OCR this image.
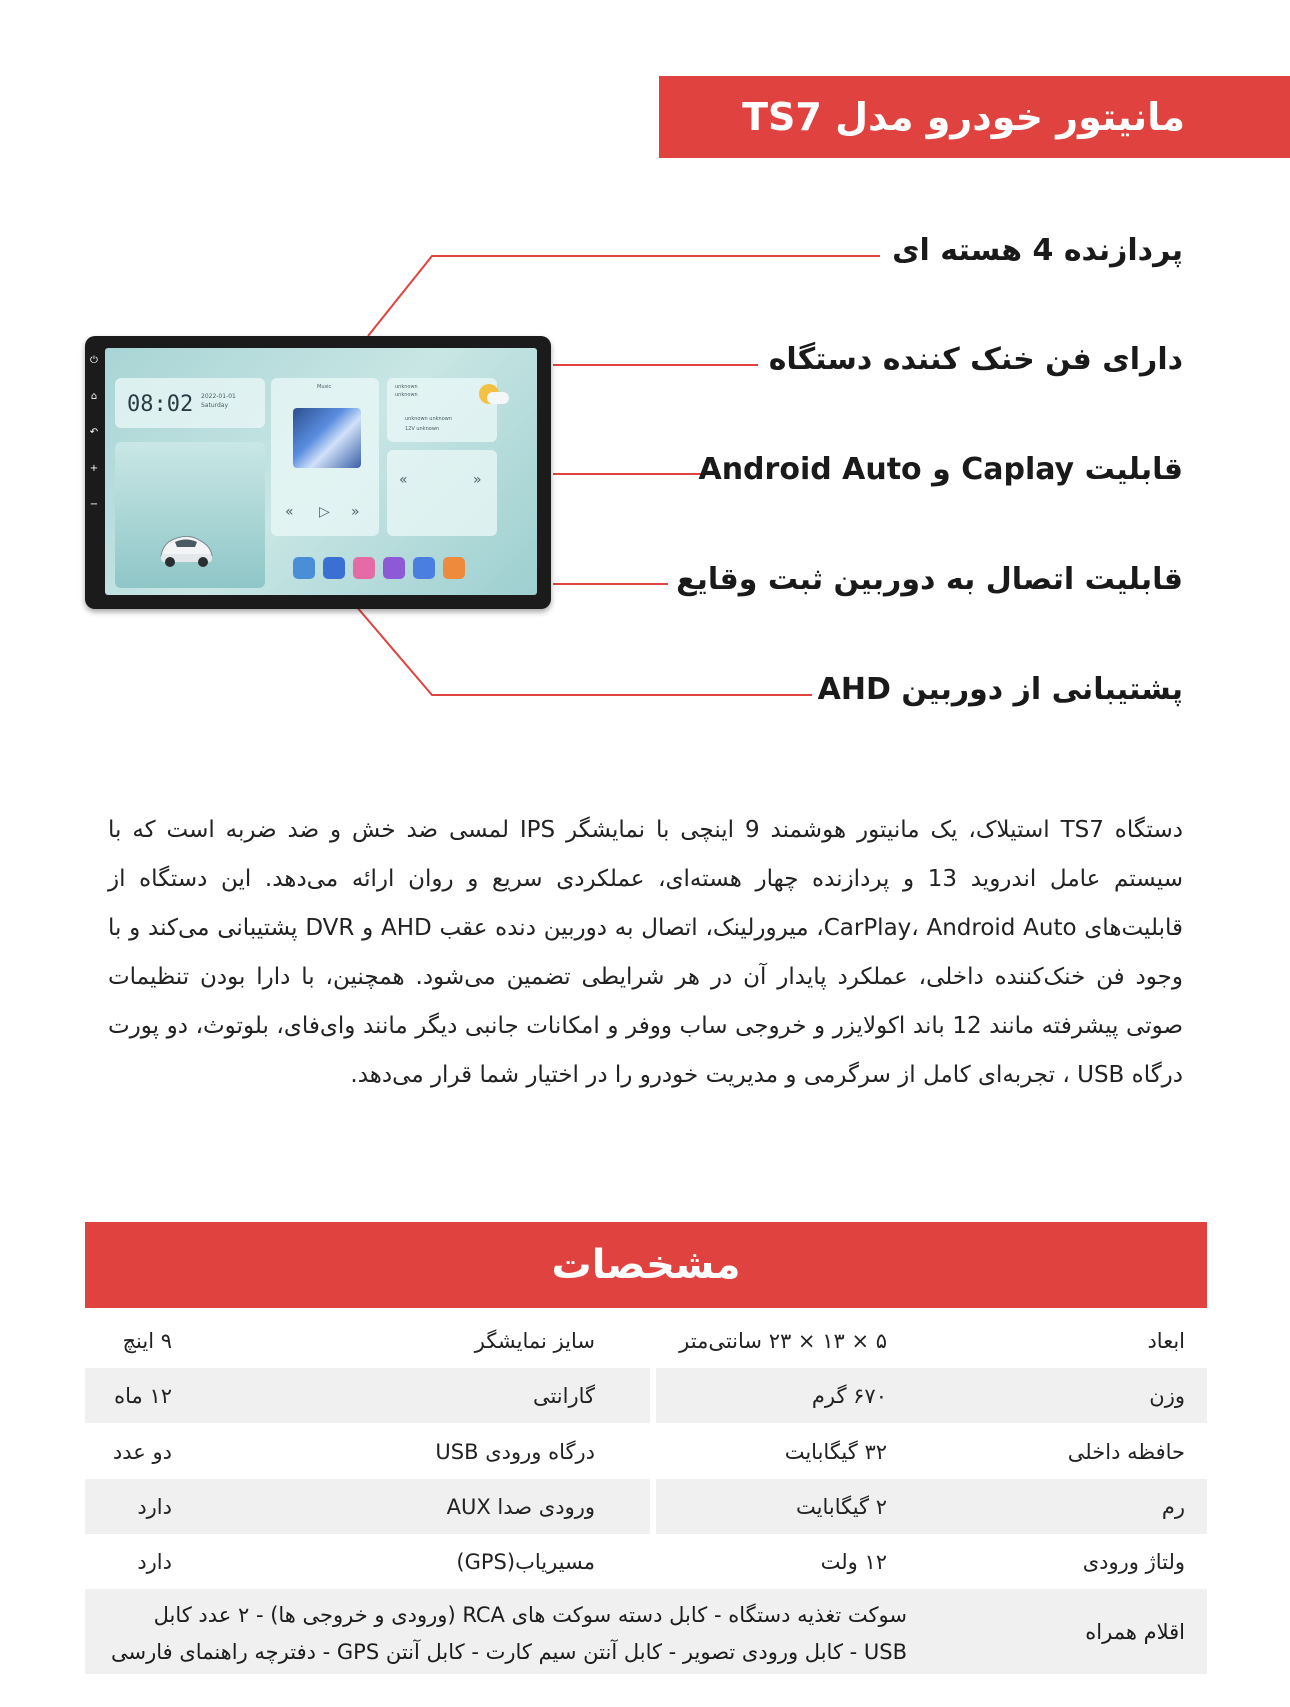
مانیتور خودرو مدل TS7
پردازنده 4 هسته ای
دارای فن خنک کننده دستگاه
قابلیت Caplay و Android Auto
قابلیت اتصال به دوربین ثبت وقایع
پشتیبانی از دوربین AHD
⏻
⌂
↶
+
−
08:02 2022-01-01
Saturday
Music
« ▷ »
unknown
unknown
unknown unknown
12V unknown
«	»
دستگاه TS7 استیلاک، یک مانیتور هوشمند 9 اینچی با نمایشگر IPS لمسی ضد خش و ضد ضربه است که با سیستم عامل اندروید 13 و پردازنده چهار هسته‌ای، عملکردی سریع و روان ارائه می‌دهد. این دستگاه از قابلیت‌های CarPlay، Android Auto، میرورلینک، اتصال به دوربین دنده عقب AHD و DVR پشتیبانی می‌کند و با وجود فن خنک‌کننده داخلی، عملکرد پایدار آن در هر شرایطی تضمین می‌شود. همچنین، با دارا بودن تنظیمات صوتی پیشرفته مانند 12 باند اکولایزر و خروجی ساب ووفر و امکانات جانبی دیگر مانند وای‌فای، بلوتوث، دو پورت درگاه USB ، تجربه‌ای کامل از سرگرمی و مدیریت خودرو را در اختیار شما قرار می‌دهد.
مشخصات
ابعاد
۵ × ۱۳ × ۲۳ سانتی‌متر
سایز نمایشگر
۹ اینچ
وزن
۶۷۰ گرم
گارانتی
۱۲ ماه
حافظه داخلی
۳۲ گیگابایت
درگاه ورودی USB
دو عدد
رم
۲ گیگابایت
ورودی صدا AUX
دارد
ولتاژ ورودی
۱۲ ولت
مسیریاب(GPS)
دارد
اقلام همراه
سوکت تغذیه دستگاه - کابل دسته سوکت های RCA (ورودی و خروجی ها) - ۲ عدد کابل USB - کابل ورودی تصویر - کابل آنتن سیم کارت - کابل آنتن GPS - دفترچه راهنمای فارسی
